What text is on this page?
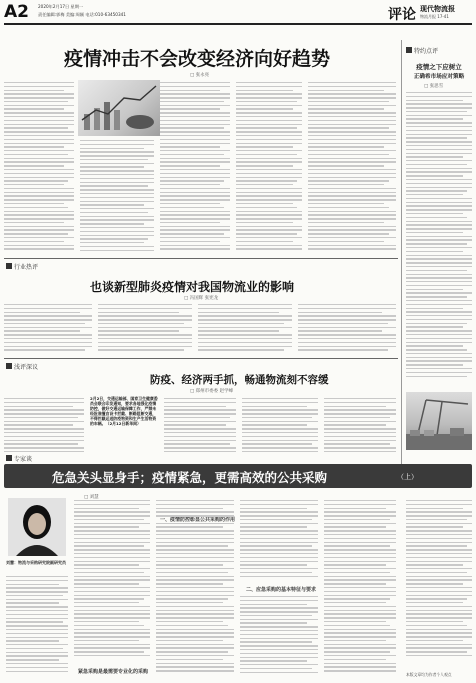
A2 2020年2月17日 星期一
责任编辑:郭梅 美编:周颖 电话:010-63450341	评论 现代物流报
物流月报 17-41
疫情冲击不会改变经济向好趋势
□ 张永亮
特约点评
疫情之下应树立
正确希市场应对策略
□ 张思雪
行业热评
也谈新型肺炎疫情对我国物流业的影响
□ 冯国辉 张宪龙
浅评深议
防疫、经济两手抓，畅通物流刻不容缓
□ 郑州市委委 赵学峰
2月2日，交通运输部、国家卫生健康委员会联合印发通知，要求各地强化疫情防控，做好交通运输保障工作，严禁未经批准擅自设卡拦截、断路阻断交通，不得拦截运送防疫物资和生产生活物资的车辆。（2月12日新华网）
专家谈
危急关头显身手；疫情紧急，更需高效的公共采购	（上）
□ 刘慧
刘慧：物流与采购研究院副研究员
紧急采购是最需要专业化的采购
一、疫情防控彰显公共采购的作用
二、应急采购的基本特征与要求
本版文章均为作者个人观点
